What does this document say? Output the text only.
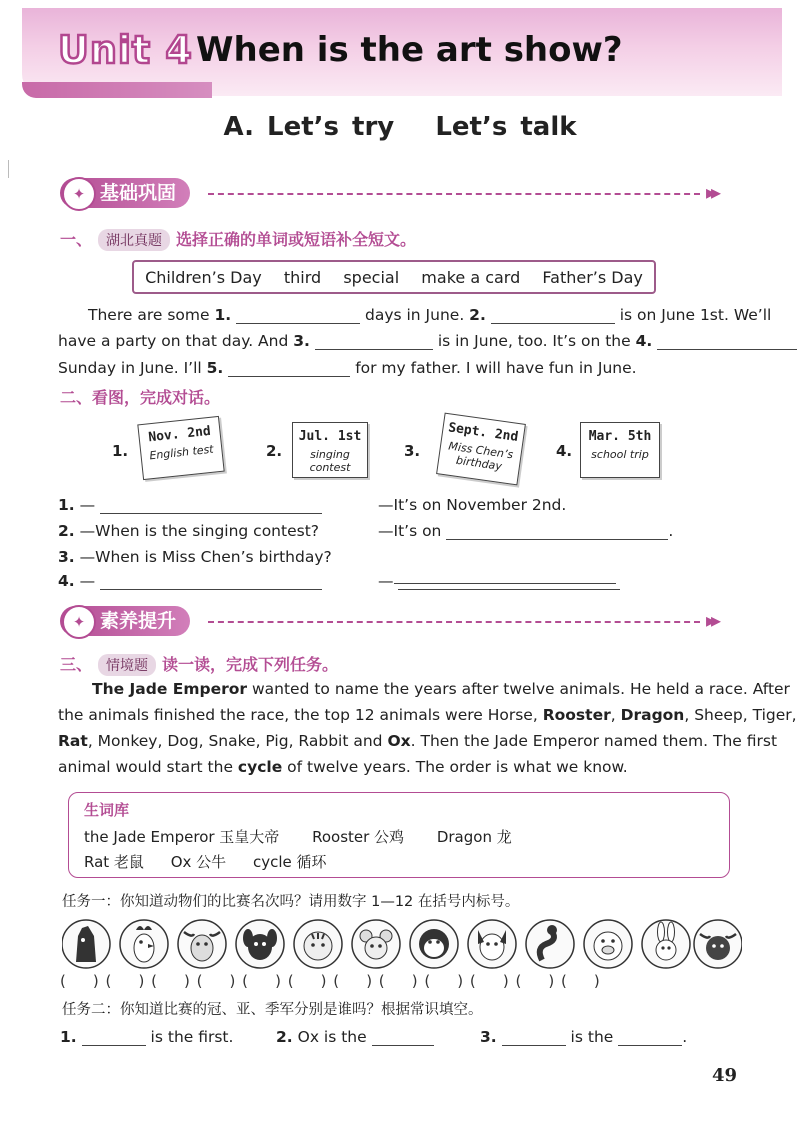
Unit 4 When is the art show?
A. Let’s try Let’s talk
✦ 基础巩固	▸▸
一、 湖北真题 选择正确的单词或短语补全短文。
Children’s Day third special make a card Father’s Day
There are some 1.	days in June. 2.	is on June 1st. We’ll
have a party on that day. And 3.	is in June, too. It’s on the 4.
Sunday in June. I’ll 5.	for my father. I will have fun in June.
二、看图，完成对话。
1.
Nov. 2nd
English test	2.
Jul. 1st
singing contest
3.
Sept. 2nd
Miss Chen’s birthday
4.
Mar. 5th
school trip
1. —	—It’s on November 2nd.
2. —When is the singing contest?	—It’s on	.
3. —When is Miss Chen’s birthday?
4. —	—
✦ 素养提升	▸▸
三、 情境题 读一读，完成下列任务。
The Jade Emperor wanted to name the years after twelve animals. He held a race. After
the animals finished the race, the top 12 animals were Horse, Rooster, Dragon, Sheep, Tiger,
Rat, Monkey, Dog, Snake, Pig, Rabbit and Ox. Then the Jade Emperor named them. The first
animal would start the cycle of twelve years. The order is what we know.
生词库
the Jade Emperor 玉皇大帝 Rooster 公鸡 Dragon 龙
Rat 老鼠 Ox 公牛 cycle 循环
任务一：你知道动物们的比赛名次吗？请用数字 1—12 在括号内标号。
(    ) (    ) (    ) (    ) (    ) (    ) (    ) (    ) (    ) (    ) (    ) (    )
任务二：你知道比赛的冠、亚、季军分别是谁吗？根据常识填空。
1.	is the first.	2. Ox is the	3.	is the	.
49
